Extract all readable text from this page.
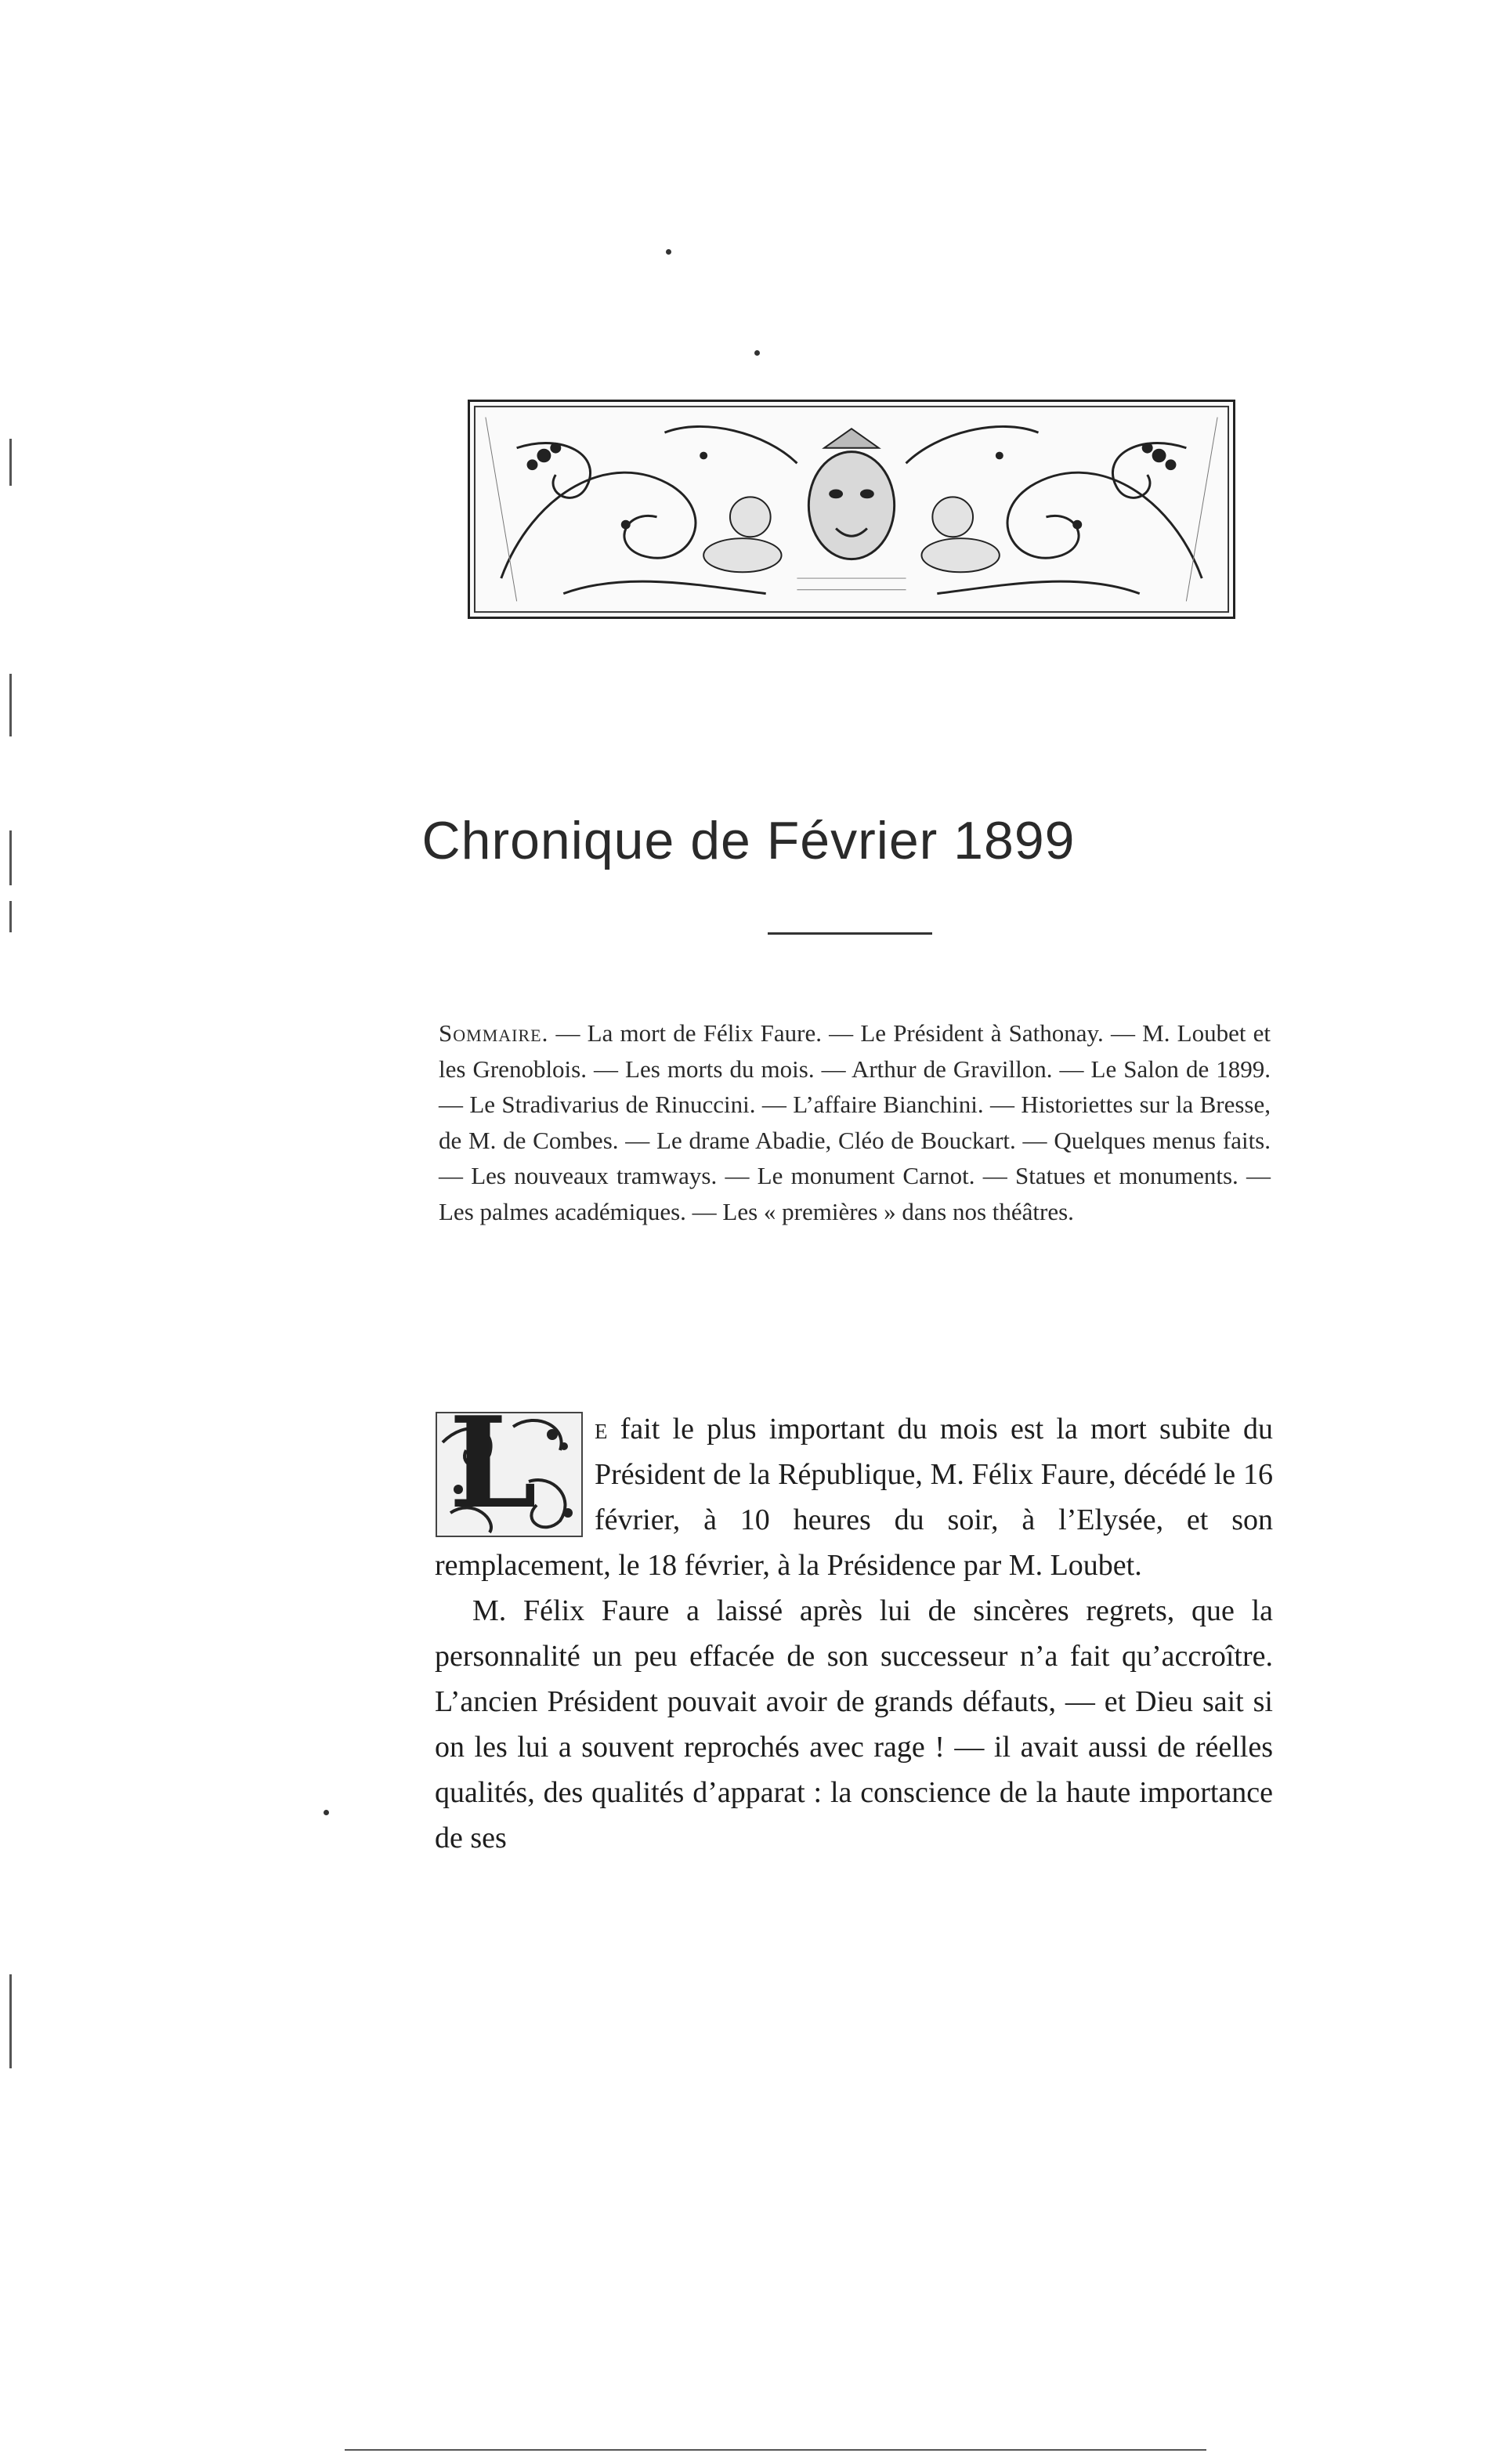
Chronique de Février 1899
Sommaire. — La mort de Félix Faure. — Le Président à Sathonay. — M. Loubet et les Grenoblois. — Les morts du mois. — Arthur de Gravillon. — Le Salon de 1899. — Le Stradivarius de Rinuccini. — L’affaire Bianchini. — Historiettes sur la Bresse, de M. de Combes. — Le drame Abadie, Cléo de Bouckart. — Quelques menus faits. — Les nouveaux tramways. — Le monument Carnot. — Statues et monuments. — Les palmes académiques. — Les « premières » dans nos théâtres.

L e fait le plus important du mois est la mort subite du Président de la République, M. Félix Faure, décédé le 16 février, à 10 heures du soir, à l’Elysée, et son remplacement, le 18 février, à la Présidence par M. Loubet.

M. Félix Faure a laissé après lui de sincères regrets, que la personnalité un peu effacée de son successeur n’a fait qu’accroître. L’ancien Président pouvait avoir de grands défauts, — et Dieu sait si on les lui a souvent reprochés avec rage ! — il avait aussi de réelles qualités, des qualités d’apparat : la conscience de la haute importance de ses
